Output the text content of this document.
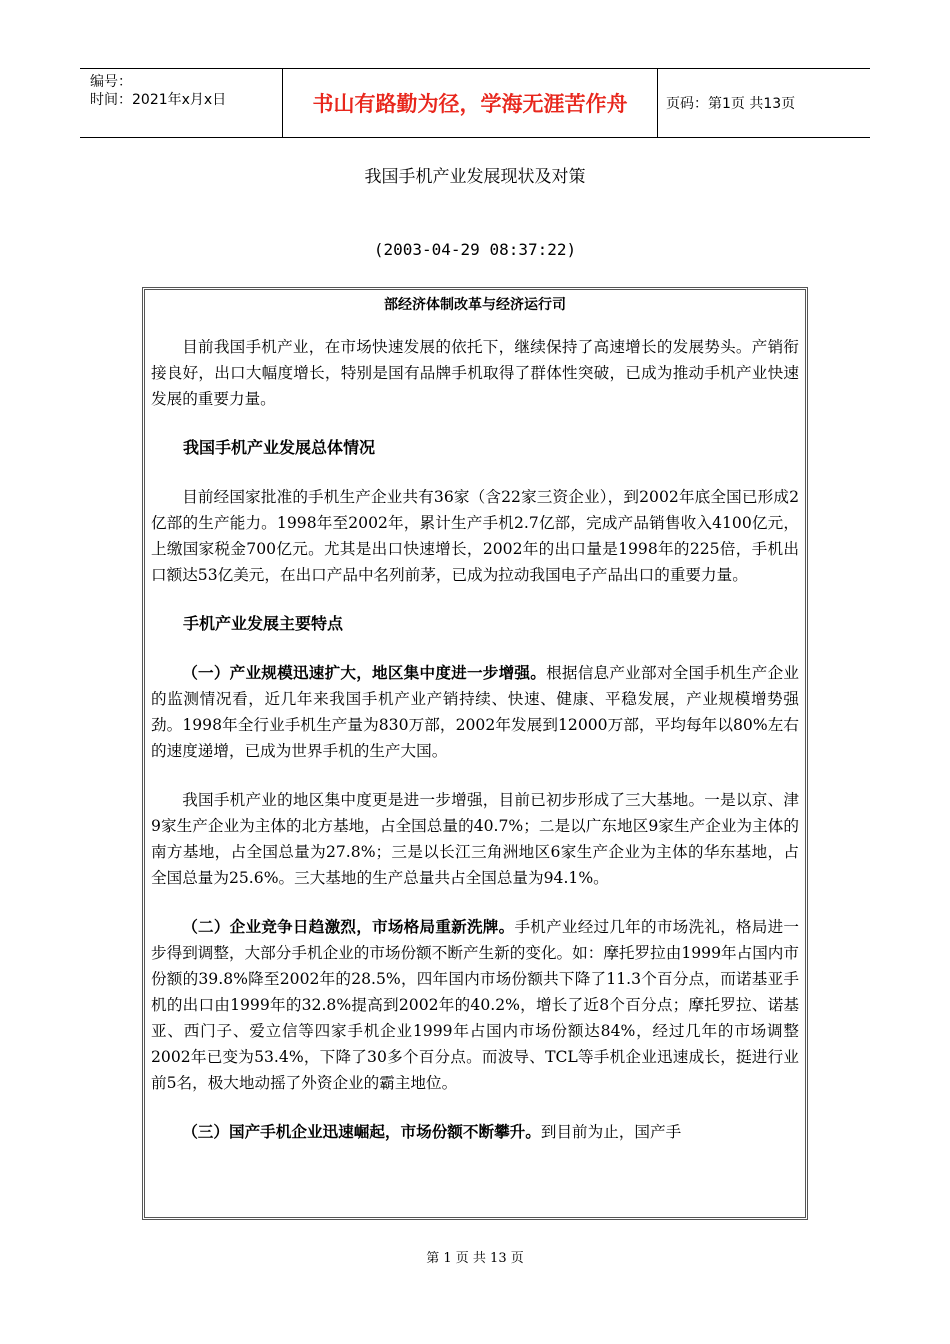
编号：
时间：2021年x月x日	书山有路勤为径，学海无涯苦作舟	页码：第1页 共13页
我国手机产业发展现状及对策
(2003-04-29 08:37:22)
部经济体制改革与经济运行司

目前我国手机产业，在市场快速发展的依托下，继续保持了高速增长的发展势头。产销衔接良好，出口大幅度增长，特别是国有品牌手机取得了群体性突破，已成为推动手机产业快速发展的重要力量。

我国手机产业发展总体情况

目前经国家批准的手机生产企业共有36家（含22家三资企业），到2002年底全国已形成2亿部的生产能力。1998年至2002年，累计生产手机2.7亿部，完成产品销售收入4100亿元，上缴国家税金700亿元。尤其是出口快速增长，2002年的出口量是1998年的225倍，手机出口额达53亿美元，在出口产品中名列前茅，已成为拉动我国电子产品出口的重要力量。

手机产业发展主要特点

（一）产业规模迅速扩大，地区集中度进一步增强。根据信息产业部对全国手机生产企业的监测情况看，近几年来我国手机产业产销持续、快速、健康、平稳发展，产业规模增势强劲。1998年全行业手机生产量为830万部，2002年发展到12000万部，平均每年以80%左右的速度递增，已成为世界手机的生产大国。

我国手机产业的地区集中度更是进一步增强，目前已初步形成了三大基地。一是以京、津9家生产企业为主体的北方基地，占全国总量的40.7%；二是以广东地区9家生产企业为主体的南方基地，占全国总量为27.8%；三是以长江三角洲地区6家生产企业为主体的华东基地，占全国总量为25.6%。三大基地的生产总量共占全国总量为94.1%。

（二）企业竞争日趋激烈，市场格局重新洗牌。手机产业经过几年的市场洗礼，格局进一步得到调整，大部分手机企业的市场份额不断产生新的变化。如：摩托罗拉由1999年占国内市份额的39.8%降至2002年的28.5%，四年国内市场份额共下降了11.3个百分点，而诺基亚手机的出口由1999年的32.8%提高到2002年的40.2%，增长了近8个百分点；摩托罗拉、诺基亚、西门子、爱立信等四家手机企业1999年占国内市场份额达84%，经过几年的市场调整2002年已变为53.4%，下降了30多个百分点。而波导、TCL等手机企业迅速成长，挺进行业前5名，极大地动摇了外资企业的霸主地位。

（三）国产手机企业迅速崛起，市场份额不断攀升。到目前为止，国产手

第 1 页 共 13 页
